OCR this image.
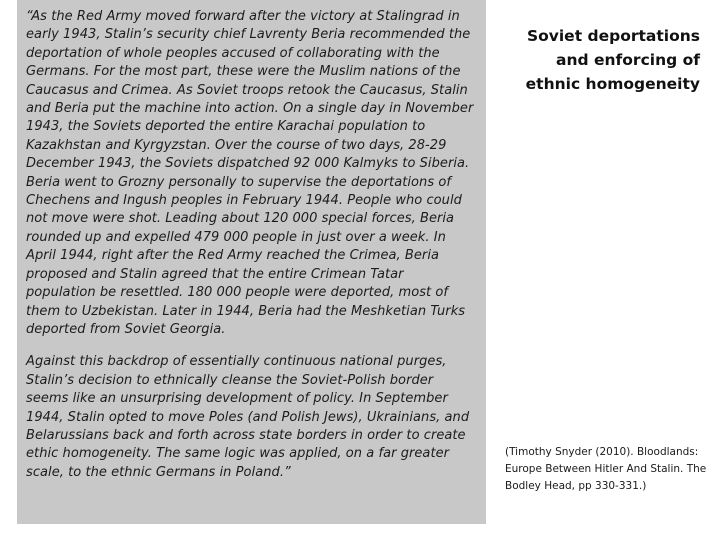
“As the Red Army moved forward after the victory at Stalingrad in early 1943, Stalin’s security chief Lavrenty Beria recommended the deportation of whole peoples accused of collaborating with the Germans. For the most part, these were the Muslim nations of the Caucasus and Crimea. As Soviet troops retook the Caucasus, Stalin and Beria put the machine into action. On a single day in November 1943, the Soviets deported the entire Karachai population to Kazakhstan and Kyrgyzstan. Over the course of two days, 28-29 December 1943, the Soviets dispatched 92 000 Kalmyks to Siberia. Beria went to Grozny personally to supervise the deportations of Chechens and Ingush peoples in February 1944. People who could not move were shot. Leading about 120 000 special forces, Beria rounded up and expelled 479 000 people in just over a week. In April 1944, right after the Red Army reached the Crimea, Beria proposed and Stalin agreed that the entire Crimean Tatar population be resettled. 180 000 people were deported, most of them to Uzbekistan. Later in 1944, Beria had the Meshketian Turks deported from Soviet Georgia.

Against this backdrop of essentially continuous national purges, Stalin’s decision to ethnically cleanse the Soviet-Polish border seems like an unsurprising development of policy. In September 1944, Stalin opted to move Poles (and Polish Jews), Ukrainians, and Belarussians back and forth across state borders in order to create ethic homogeneity. The same logic was applied, on a far greater scale, to the ethnic Germans in Poland.”

Soviet deportations and enforcing of ethnic homogeneity

(Timothy Snyder (2010). Bloodlands: Europe Between Hitler And Stalin. The Bodley Head, pp 330-331.)
